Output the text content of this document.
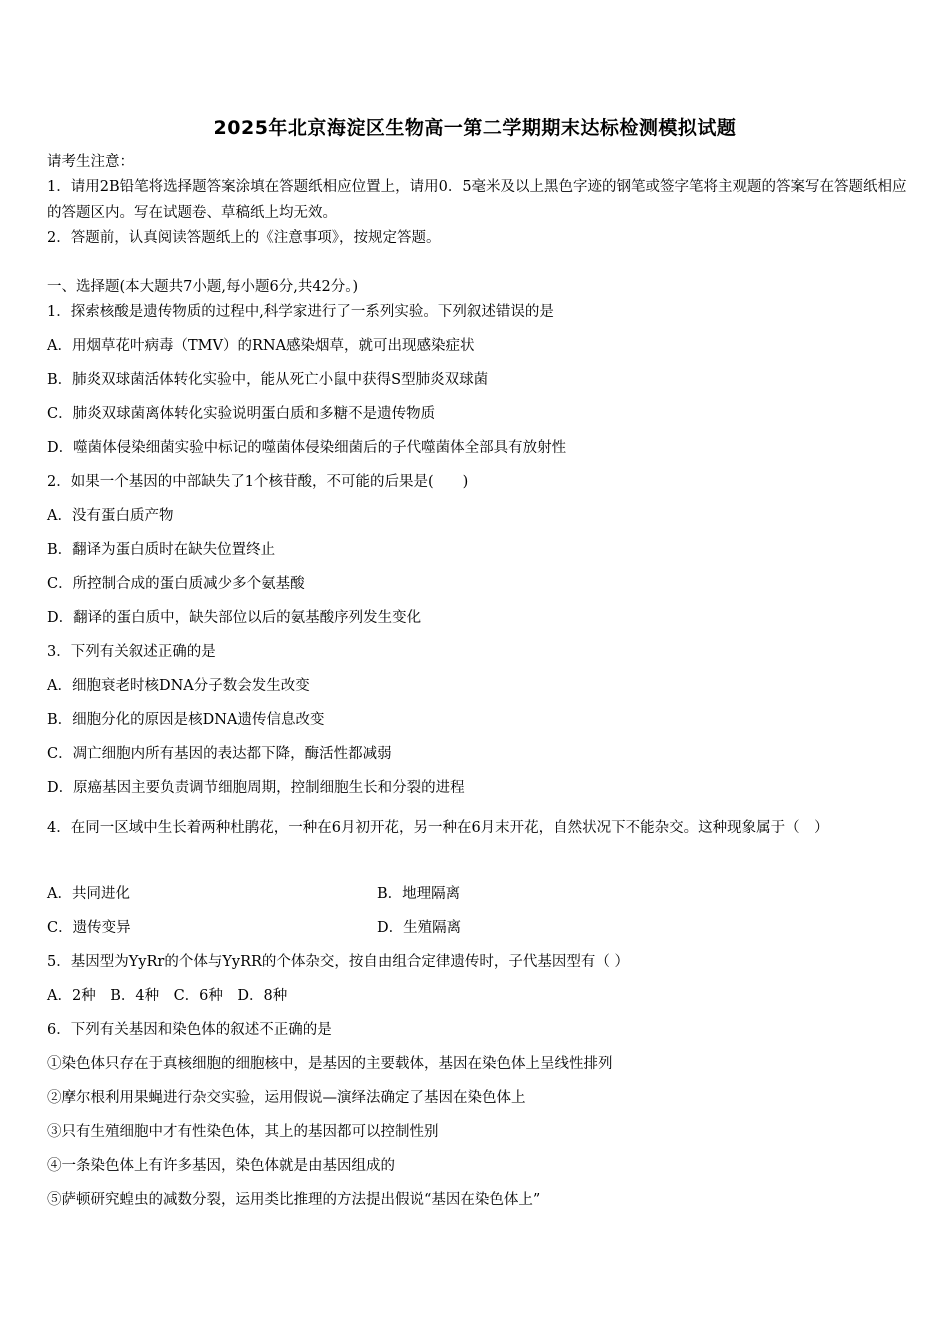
2025年北京海淀区生物高一第二学期期末达标检测模拟试题
请考生注意：
1．请用2B铅笔将选择题答案涂填在答题纸相应位置上，请用0．5毫米及以上黑色字迹的钢笔或签字笔将主观题的答案写在答题纸相应的答题区内。写在试题卷、草稿纸上均无效。
2．答题前，认真阅读答题纸上的《注意事项》，按规定答题。
一、选择题(本大题共7小题,每小题6分,共42分。)
1．探索核酸是遗传物质的过程中,科学家进行了一系列实验。下列叙述错误的是
A．用烟草花叶病毒（TMV）的RNA感染烟草，就可出现感染症状
B．肺炎双球菌活体转化实验中，能从死亡小鼠中获得S型肺炎双球菌
C．肺炎双球菌离体转化实验说明蛋白质和多糖不是遗传物质
D．噬菌体侵染细菌实验中标记的噬菌体侵染细菌后的子代噬菌体全部具有放射性
2．如果一个基因的中部缺失了1个核苷酸，不可能的后果是(　　)
A．没有蛋白质产物
B．翻译为蛋白质时在缺失位置终止
C．所控制合成的蛋白质减少多个氨基酸
D．翻译的蛋白质中，缺失部位以后的氨基酸序列发生变化
3．下列有关叙述正确的是
A．细胞衰老时核DNA分子数会发生改变
B．细胞分化的原因是核DNA遗传信息改变
C．凋亡细胞内所有基因的表达都下降，酶活性都减弱
D．原癌基因主要负责调节细胞周期，控制细胞生长和分裂的进程
4．在同一区域中生长着两种杜鹃花，一种在6月初开花，另一种在6月末开花，自然状况下不能杂交。这种现象属于（　）
A．共同进化	B．地理隔离
C．遗传变异	D．生殖隔离
5．基因型为YyRr的个体与YyRR的个体杂交，按自由组合定律遗传时，子代基因型有（ ）
A．2种　B．4种　C．6种　D．8种
6．下列有关基因和染色体的叙述不正确的是
①染色体只存在于真核细胞的细胞核中，是基因的主要载体，基因在染色体上呈线性排列
②摩尔根利用果蝇进行杂交实验，运用假说—演绎法确定了基因在染色体上
③只有生殖细胞中才有性染色体，其上的基因都可以控制性别
④一条染色体上有许多基因，染色体就是由基因组成的
⑤萨顿研究蝗虫的减数分裂，运用类比推理的方法提出假说“基因在染色体上”
